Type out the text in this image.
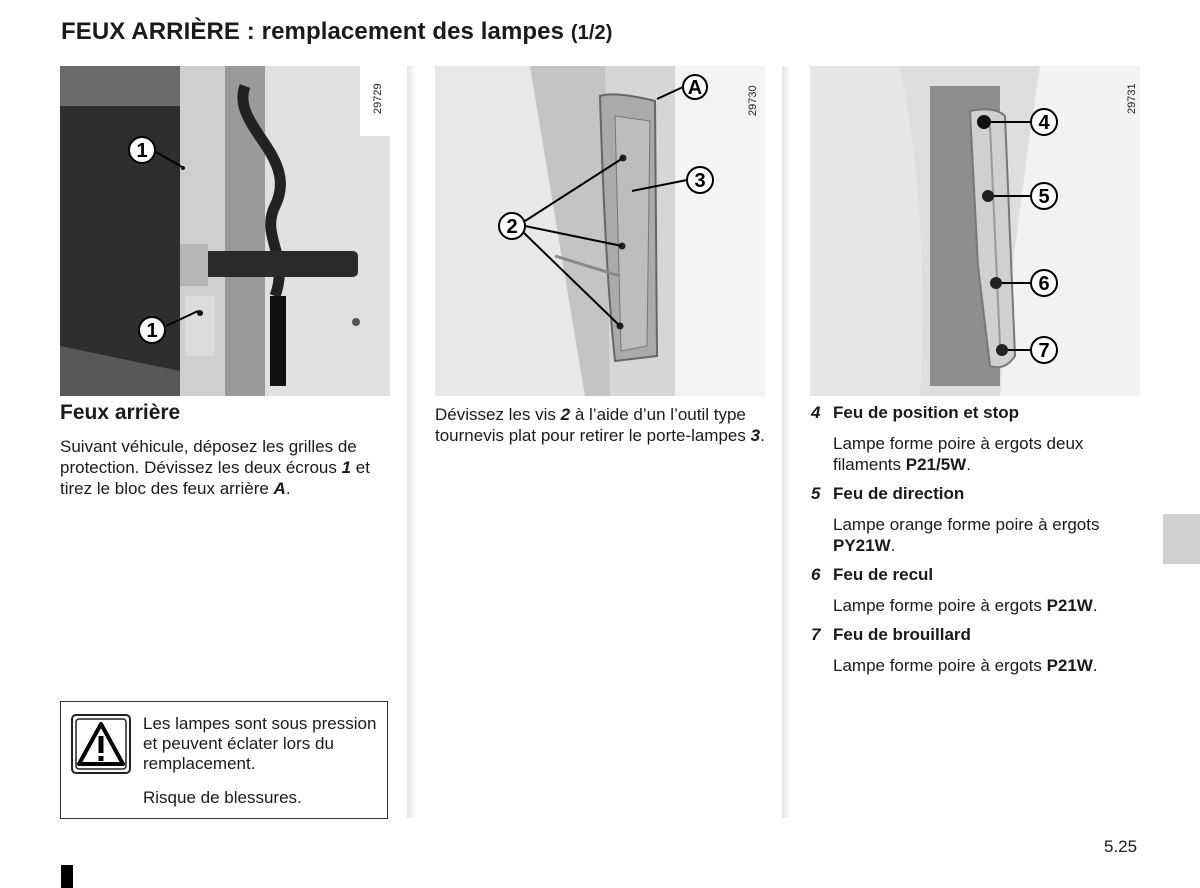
FEUX ARRIÈRE : remplacement des lampes (1/2)
1
1
29729	A
3
2
29730
4
5
6
7
29731
Feux arrière
Suivant véhicule, déposez les grilles de protection. Dévissez les deux écrous 1 et tirez le bloc des feux arrière A.
Dévissez les vis 2 à l’aide d’un l’outil type tournevis plat pour retirer le porte-lampes 3.
Les lampes sont sous pression et peuvent éclater lors du remplacement.
Risque de blessures.
4 Feu de position et stop
Lampe forme poire à ergots deux filaments P21/5W.
5 Feu de direction
Lampe orange forme poire à ergots PY21W.
6 Feu de recul
Lampe forme poire à ergots P21W.
7 Feu de brouillard
Lampe forme poire à ergots P21W.
5.25
